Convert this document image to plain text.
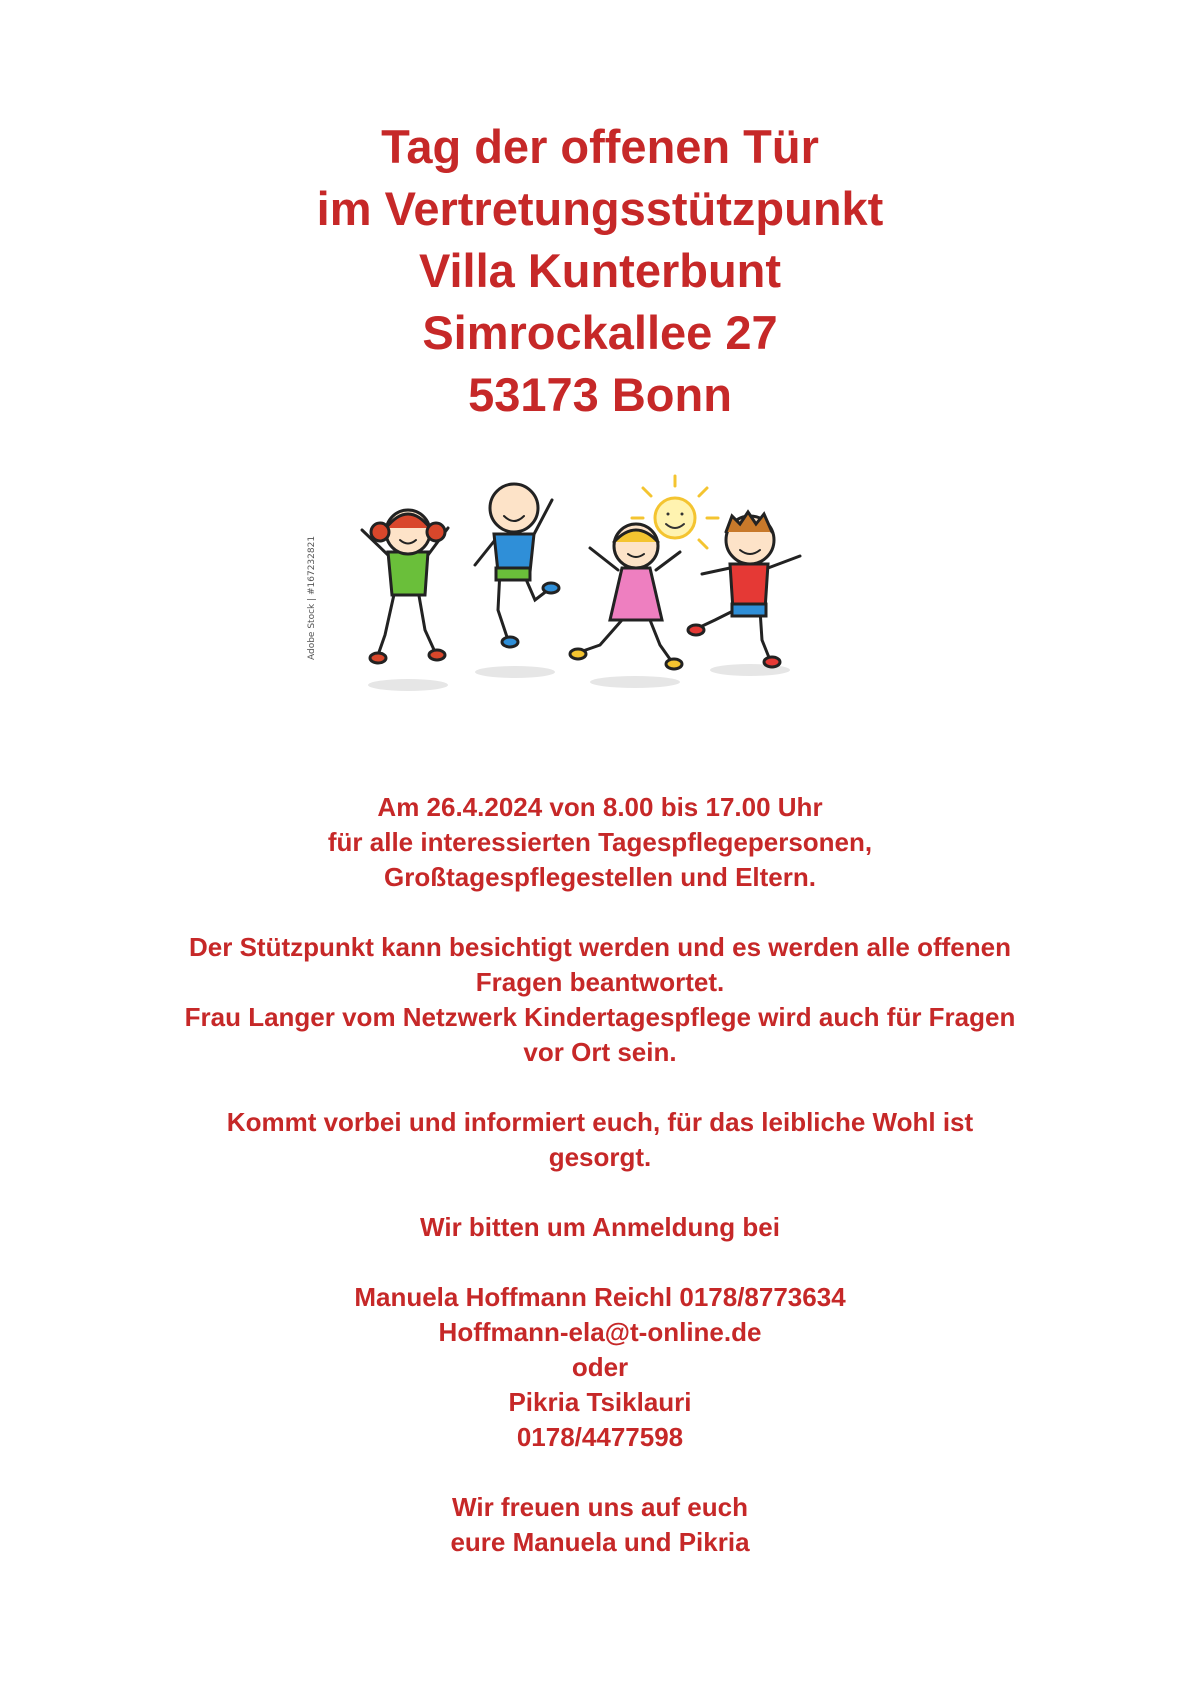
Tag der offenen Tür
im Vertretungsstützpunkt
Villa Kunterbunt
Simrockallee 27
53173 Bonn
Adobe Stock | #167232821
Am 26.4.2024 von 8.00 bis 17.00 Uhr
für alle interessierten Tagespflegepersonen,
Großtagespflegestellen und Eltern.
Der Stützpunkt kann besichtigt werden und es werden alle offenen
Fragen beantwortet.
Frau Langer vom Netzwerk Kindertagespflege wird auch für Fragen
vor Ort sein.
Kommt vorbei und informiert euch, für das leibliche Wohl ist
gesorgt.
Wir bitten um Anmeldung bei
Manuela Hoffmann Reichl 0178/8773634
Hoffmann-ela@t-online.de
oder
Pikria Tsiklauri
0178/4477598
Wir freuen uns auf euch
eure Manuela und Pikria
